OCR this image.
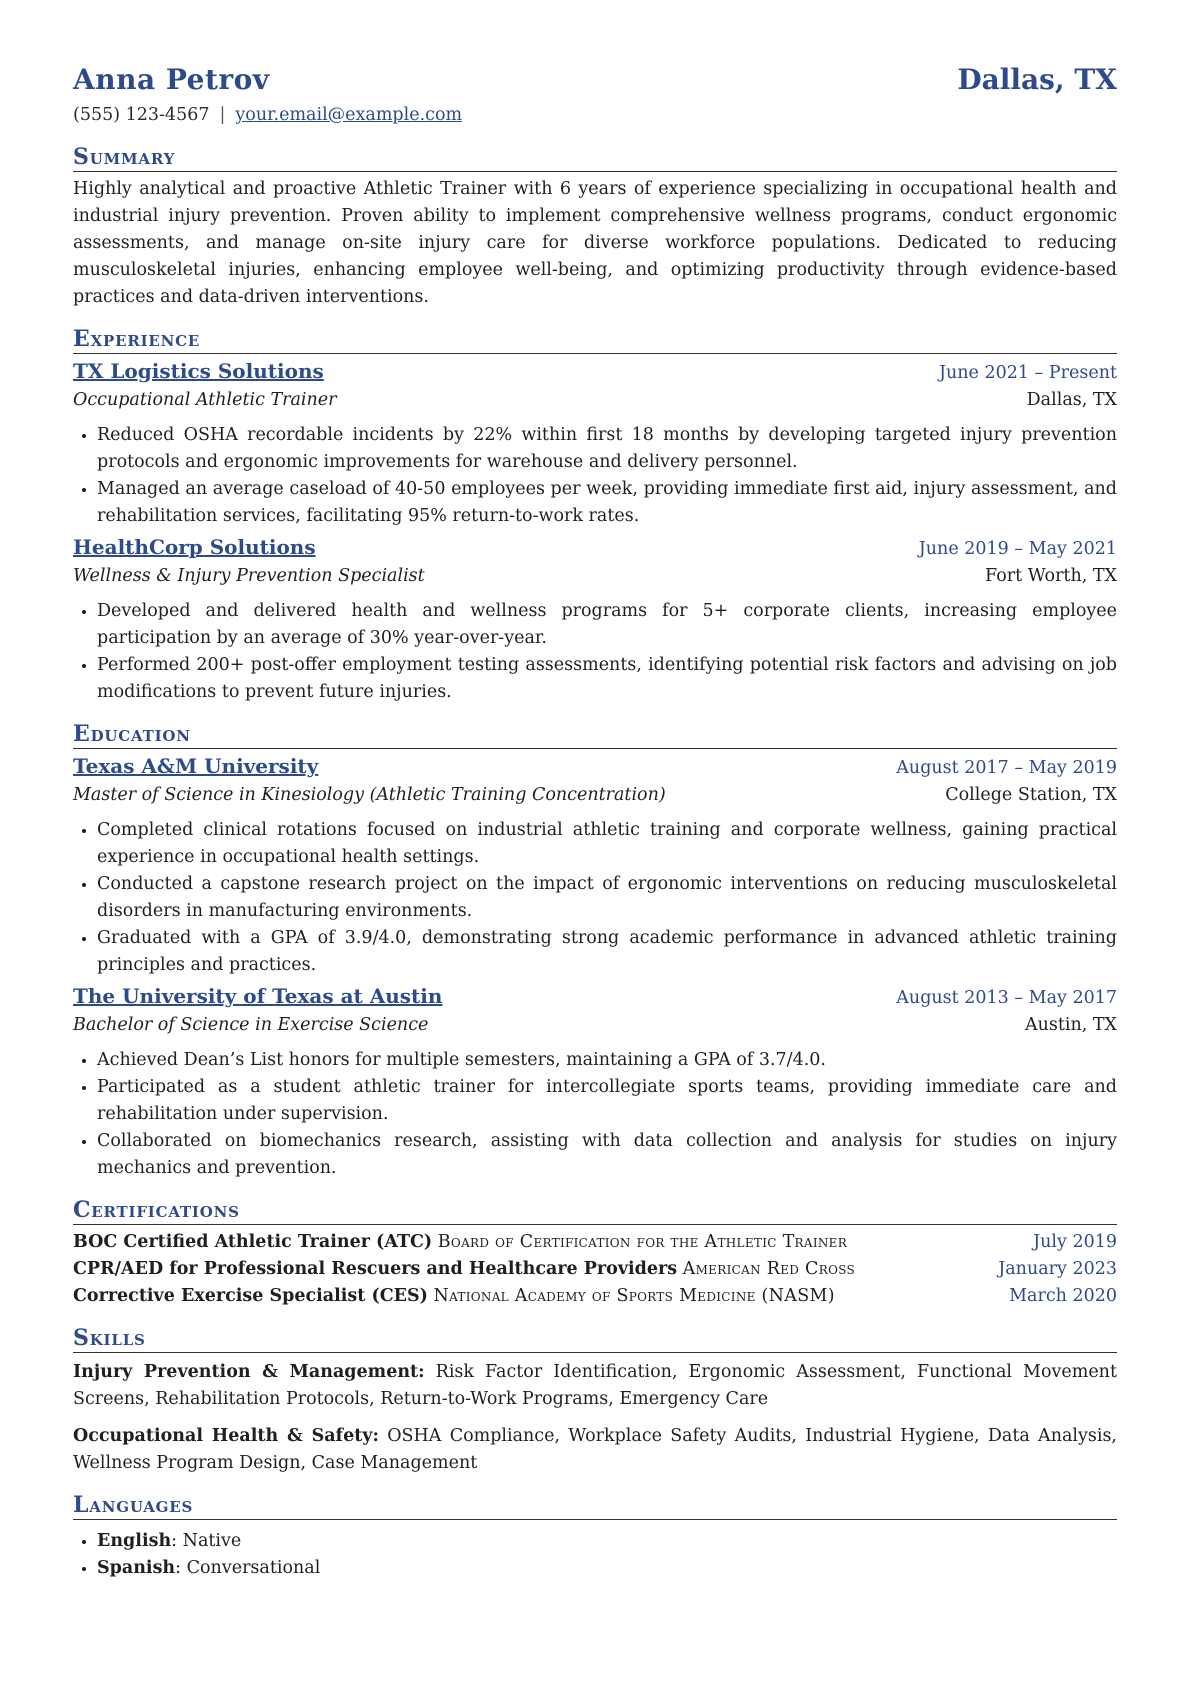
Anna Petrov	Dallas, TX
(555) 123-4567 | your.email@example.com
Summary
Highly analytical and proactive Athletic Trainer with 6 years of experience specializing in occupational health and industrial injury prevention. Proven ability to implement comprehensive wellness programs, conduct ergonomic assessments, and manage on-site injury care for diverse workforce populations. Dedicated to reducing musculoskeletal injuries, enhancing employee well-being, and optimizing productivity through evidence-based practices and data-driven interventions.
Experience
TX Logistics Solutions	June 2021 – Present
Occupational Athletic Trainer	Dallas, TX
• Reduced OSHA recordable incidents by 22% within first 18 months by developing targeted injury prevention protocols and ergonomic improvements for warehouse and delivery personnel.
• Managed an average caseload of 40-50 employees per week, providing immediate first aid, injury assessment, and rehabilitation services, facilitating 95% return-to-work rates.
HealthCorp Solutions	June 2019 – May 2021
Wellness & Injury Prevention Specialist	Fort Worth, TX
• Developed and delivered health and wellness programs for 5+ corporate clients, increasing employee participation by an average of 30% year-over-year.
• Performed 200+ post-offer employment testing assessments, identifying potential risk factors and advising on job modifications to prevent future injuries.
Education
Texas A&M University	August 2017 – May 2019
Master of Science in Kinesiology (Athletic Training Concentration)	College Station, TX
• Completed clinical rotations focused on industrial athletic training and corporate wellness, gaining practical experience in occupational health settings.
• Conducted a capstone research project on the impact of ergonomic interventions on reducing musculoskeletal disorders in manufacturing environments.
• Graduated with a GPA of 3.9/4.0, demonstrating strong academic performance in advanced athletic training principles and practices.
The University of Texas at Austin	August 2013 – May 2017
Bachelor of Science in Exercise Science	Austin, TX
• Achieved Dean’s List honors for multiple semesters, maintaining a GPA of 3.7/4.0.
• Participated as a student athletic trainer for intercollegiate sports teams, providing immediate care and rehabilitation under supervision.
• Collaborated on biomechanics research, assisting with data collection and analysis for studies on injury mechanics and prevention.
Certifications
BOC Certified Athletic Trainer (ATC) Board of Certification for the Athletic Trainer	July 2019
CPR/AED for Professional Rescuers and Healthcare Providers American Red Cross	January 2023
Corrective Exercise Specialist (CES) National Academy of Sports Medicine (NASM)	March 2020
Skills
Injury Prevention & Management: Risk Factor Identification, Ergonomic Assessment, Functional Movement Screens, Rehabilitation Protocols, Return-to-Work Programs, Emergency Care
Occupational Health & Safety: OSHA Compliance, Workplace Safety Audits, Industrial Hygiene, Data Analysis, Wellness Program Design, Case Management
Languages
• English: Native
• Spanish: Conversational
